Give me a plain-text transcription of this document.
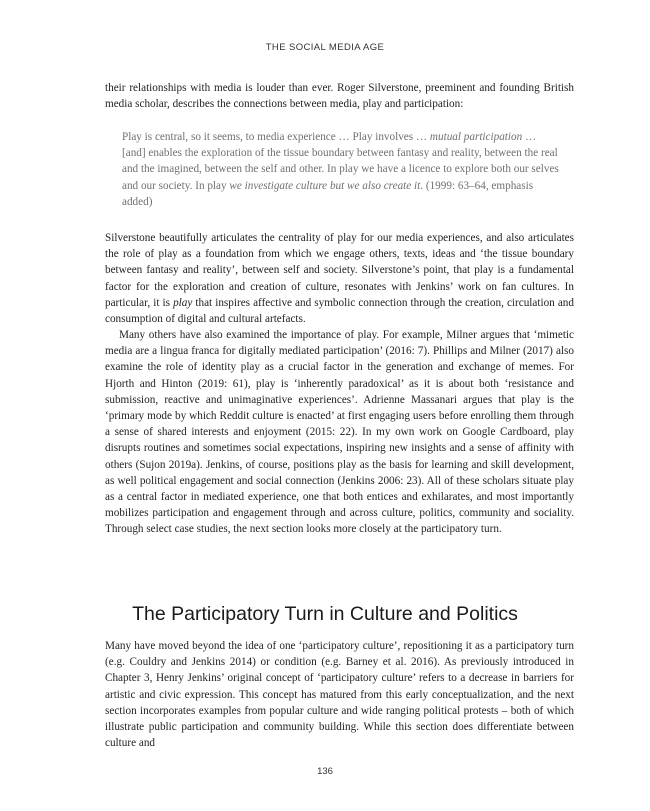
THE SOCIAL MEDIA AGE

their relationships with media is louder than ever. Roger Silverstone, preeminent and founding British media scholar, describes the connections between media, play and participation:

Play is central, so it seems, to media experience … Play involves … mutual participation … [and] enables the exploration of the tissue boundary between fantasy and reality, between the real and the imagined, between the self and other. In play we have a licence to explore both our selves and our society. In play we investigate culture but we also create it. (1999: 63–64, emphasis added)

Silverstone beautifully articulates the centrality of play for our media experiences, and also articulates the role of play as a foundation from which we engage others, texts, ideas and ‘the tissue boundary between fantasy and reality’, between self and society. Silverstone’s point, that play is a fundamental factor for the exploration and creation of culture, resonates with Jenkins’ work on fan cultures. In particular, it is play that inspires affective and symbolic connection through the creation, circulation and consumption of digital and cultural artefacts.

Many others have also examined the importance of play. For example, Milner argues that ‘mimetic media are a lingua franca for digitally mediated participation’ (2016: 7). Phillips and Milner (2017) also examine the role of identity play as a crucial factor in the generation and exchange of memes. For Hjorth and Hinton (2019: 61), play is ‘inherently paradoxical’ as it is about both ‘resistance and submission, reactive and unimaginative experiences’. Adrienne Massanari argues that play is the ‘primary mode by which Reddit culture is enacted’ at first engaging users before enrolling them through a sense of shared interests and enjoyment (2015: 22). In my own work on Google Cardboard, play disrupts routines and sometimes social expectations, inspiring new insights and a sense of affinity with others (Sujon 2019a). Jenkins, of course, positions play as the basis for learning and skill development, as well political engagement and social connection (Jenkins 2006: 23). All of these scholars situate play as a central factor in mediated experience, one that both entices and exhilarates, and most importantly mobilizes participation and engagement through and across culture, politics, community and sociality. Through select case studies, the next section looks more closely at the participatory turn.

The Participatory Turn in Culture and Politics

Many have moved beyond the idea of one ‘participatory culture’, repositioning it as a participatory turn (e.g. Couldry and Jenkins 2014) or condition (e.g. Barney et al. 2016). As previously introduced in Chapter 3, Henry Jenkins’ original concept of ‘participatory culture’ refers to a decrease in barriers for artistic and civic expression. This concept has matured from this early conceptualization, and the next section incorporates examples from popular culture and wide ranging political protests – both of which illustrate public participation and community building. While this section does differentiate between culture and

136
